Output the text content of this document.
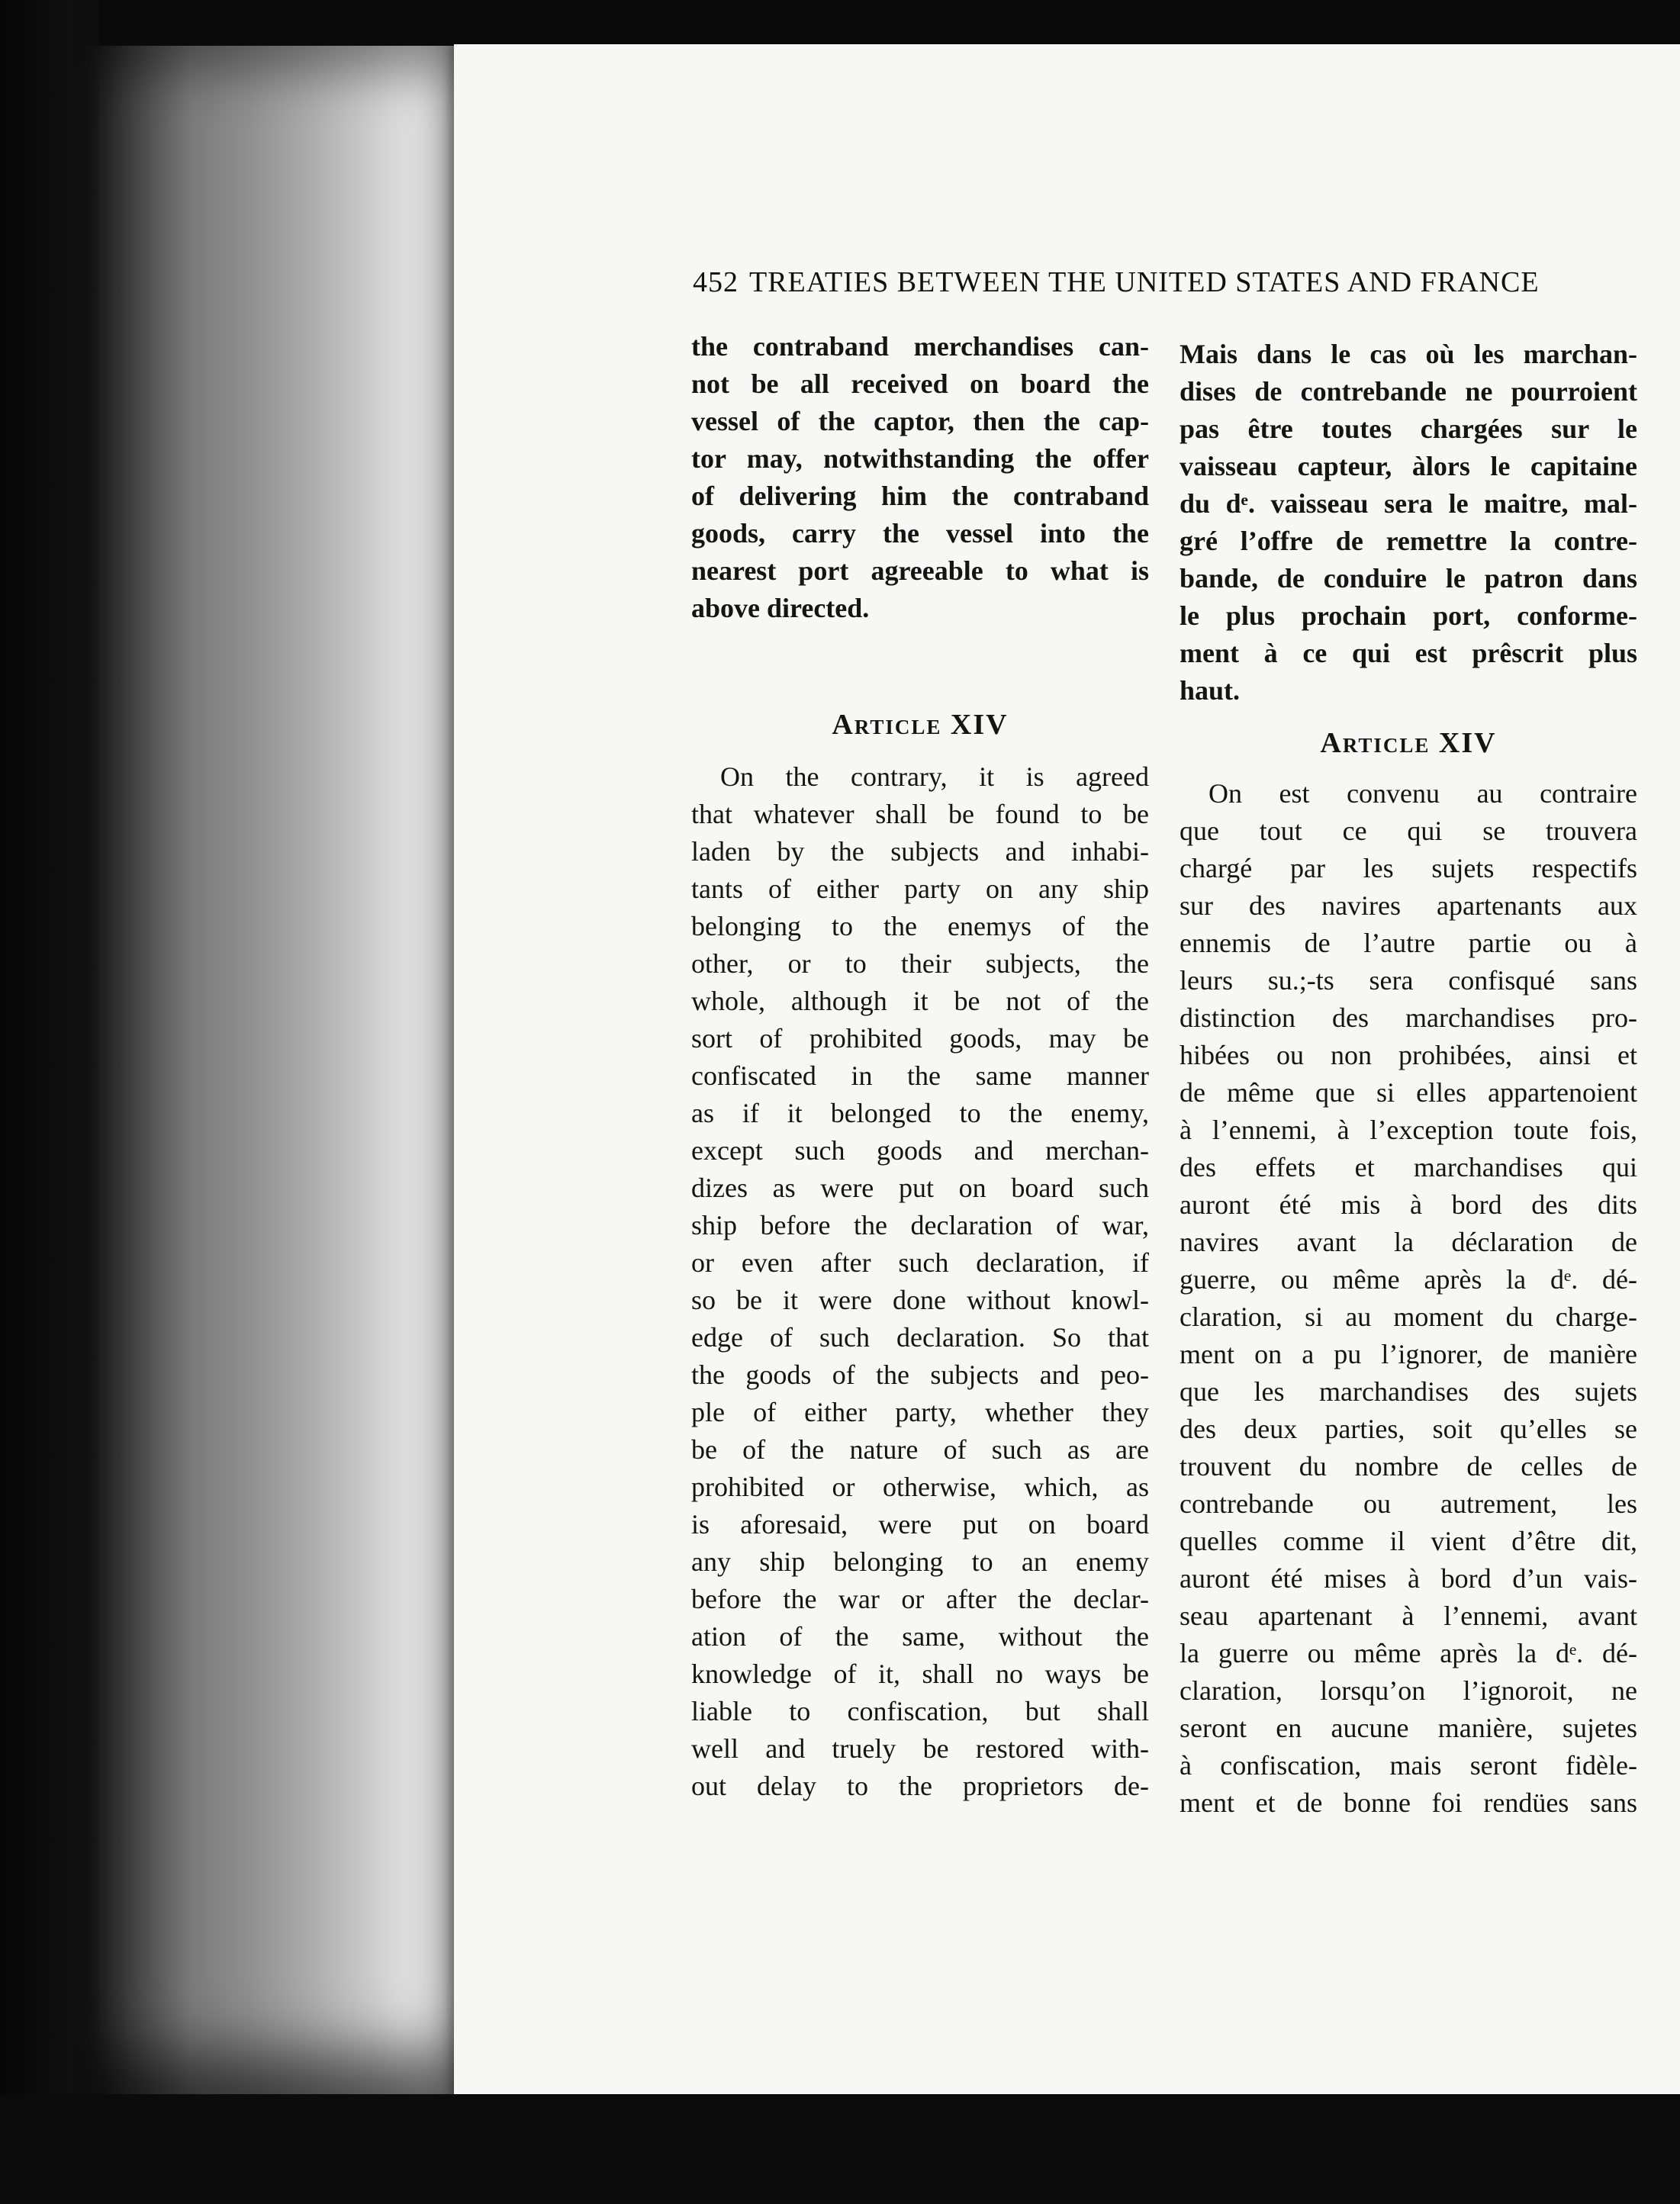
452 TREATIES BETWEEN THE UNITED STATES AND FRANCE
the contraband merchandises can-
not be all received on board the
vessel of the captor, then the cap-
tor may, notwithstanding the offer
of delivering him the contraband
goods, carry the vessel into the
nearest port agreeable to what is
above directed.
Article XIV
On the contrary, it is agreed
that whatever shall be found to be
laden by the subjects and inhabi-
tants of either party on any ship
belonging to the enemys of the
other, or to their subjects, the
whole, although it be not of the
sort of prohibited goods, may be
confiscated in the same manner
as if it belonged to the enemy,
except such goods and merchan-
dizes as were put on board such
ship before the declaration of war,
or even after such declaration, if
so be it were done without knowl-
edge of such declaration. So that
the goods of the subjects and peo-
ple of either party, whether they
be of the nature of such as are
prohibited or otherwise, which, as
is aforesaid, were put on board
any ship belonging to an enemy
before the war or after the declar-
ation of the same, without the
knowledge of it, shall no ways be
liable to confiscation, but shall
well and truely be restored with-
out delay to the proprietors de-
Mais dans le cas où les marchan-
dises de contrebande ne pourroient
pas être toutes chargées sur le
vaisseau capteur, àlors le capitaine
du dᵉ. vaisseau sera le maitre, mal-
gré l’offre de remettre la contre-
bande, de conduire le patron dans
le plus prochain port, conforme-
ment à ce qui est prêscrit plus
haut.
Article XIV
On est convenu au contraire
que tout ce qui se trouvera
chargé par les sujets respectifs
sur des navires apartenants aux
ennemis de l’autre partie ou à
leurs su.;-ts sera confisqué sans
distinction des marchandises pro-
hibées ou non prohibées, ainsi et
de même que si elles appartenoient
à l’ennemi, à l’exception toute fois,
des effets et marchandises qui
auront été mis à bord des dits
navires avant la déclaration de
guerre, ou même après la dᵉ. dé-
claration, si au moment du charge-
ment on a pu l’ignorer, de manière
que les marchandises des sujets
des deux parties, soit qu’elles se
trouvent du nombre de celles de
contrebande ou autrement, les
quelles comme il vient d’être dit,
auront été mises à bord d’un vais-
seau apartenant à l’ennemi, avant
la guerre ou même après la dᵉ. dé-
claration, lorsqu’on l’ignoroit, ne
seront en aucune manière, sujetes
à confiscation, mais seront fidèle-
ment et de bonne foi rendües sans
